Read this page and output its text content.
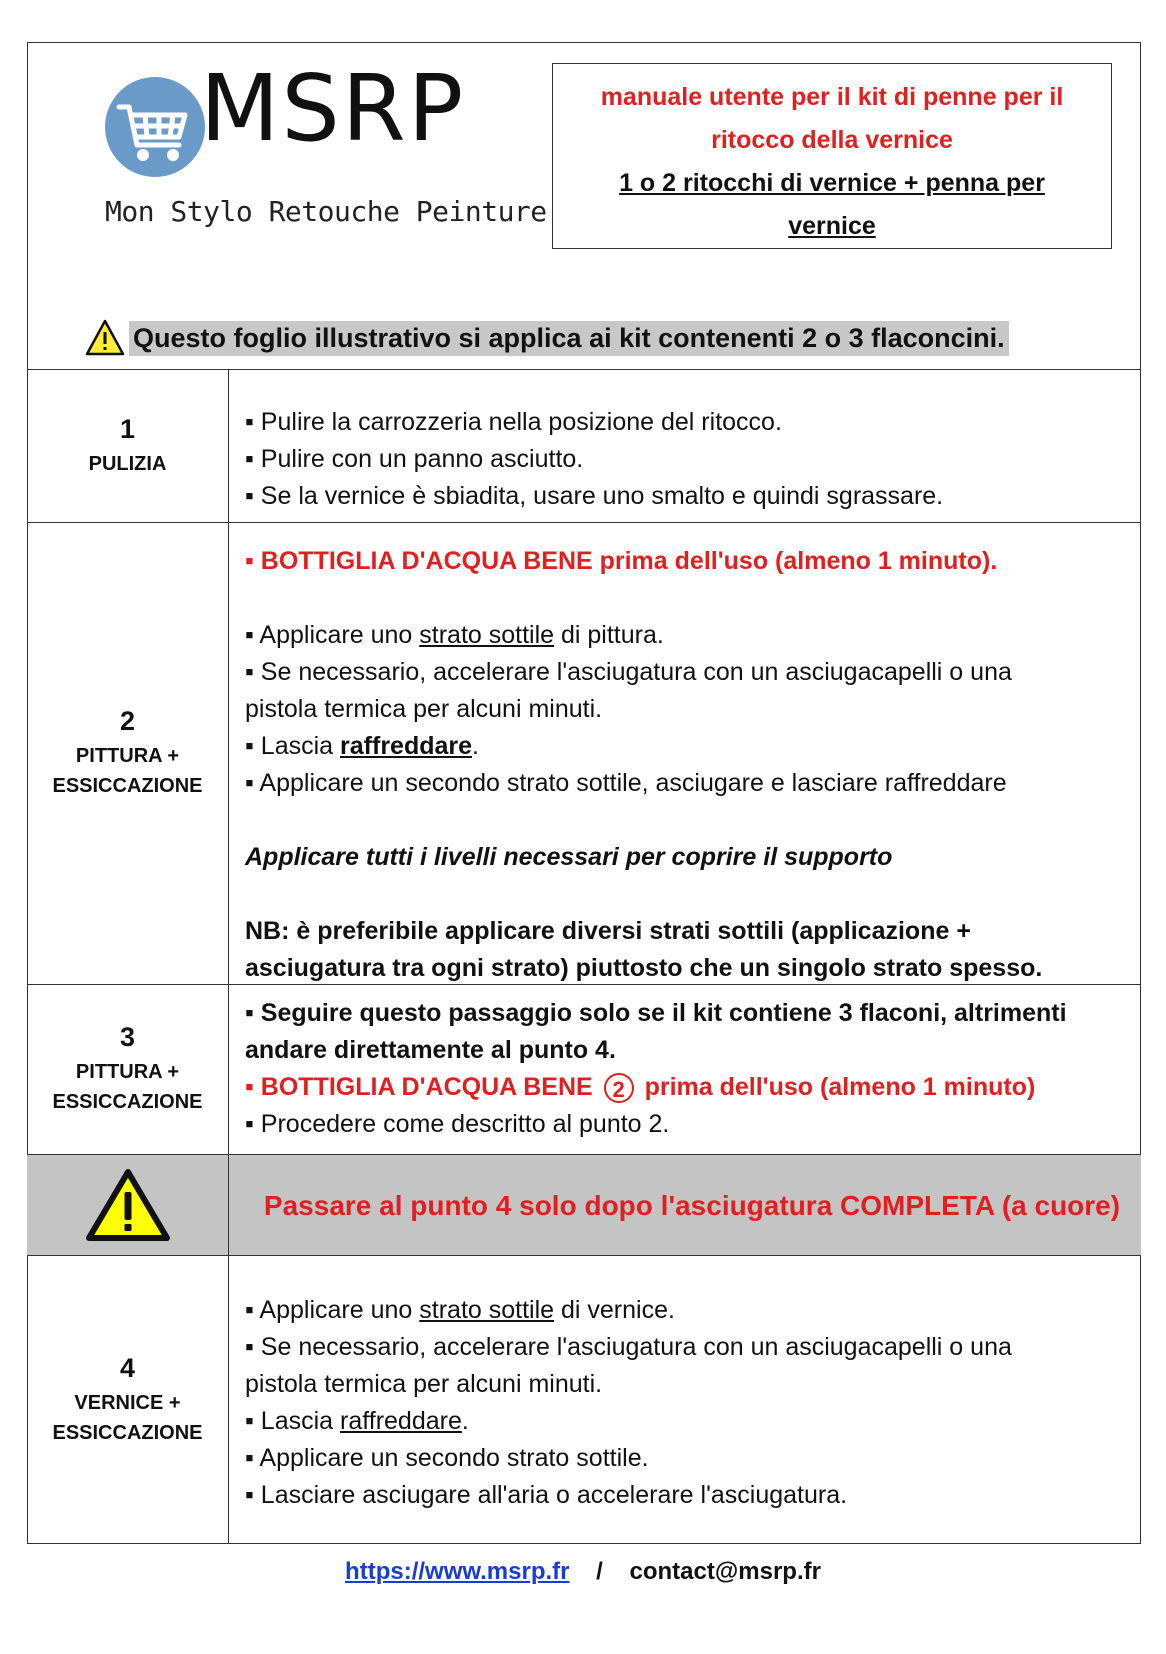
MSRP
Mon Stylo Retouche Peinture
manuale utente per il kit di penne per il
ritocco della vernice
1 o 2 ritocchi di vernice + penna per
vernice
Questo foglio illustrativo si applica ai kit contenenti 2 o 3 flaconcini.
1
PULIZIA

▪ Pulire la carrozzeria nella posizione del ritocco.

▪ Pulire con un panno asciutto.

▪ Se la vernice è sbiadita, usare uno smalto e quindi sgrassare.

2
PITTURA +
ESSICCAZIONE

▪ BOTTIGLIA D'ACQUA BENE prima dell'uso (almeno 1 minuto).

▪ Applicare uno strato sottile di pittura.

▪ Se necessario, accelerare l'asciugatura con un asciugacapelli o una

pistola termica per alcuni minuti.

▪ Lascia raffreddare.

▪ Applicare un secondo strato sottile, asciugare e lasciare raffreddare

Applicare tutti i livelli necessari per coprire il supporto

NB: è preferibile applicare diversi strati sottili (applicazione +

asciugatura tra ogni strato) piuttosto che un singolo strato spesso.

3
PITTURA +
ESSICCAZIONE

▪ Seguire questo passaggio solo se il kit contiene 3 flaconi, altrimenti

andare direttamente al punto 4.

▪ BOTTIGLIA D'ACQUA BENE 2 prima dell'uso (almeno 1 minuto)

▪ Procedere come descritto al punto 2.

Passare al punto 4 solo dopo l'asciugatura COMPLETA (a cuore)

4
VERNICE +
ESSICCAZIONE

▪ Applicare uno strato sottile di vernice.

▪ Se necessario, accelerare l'asciugatura con un asciugacapelli o una

pistola termica per alcuni minuti.

▪ Lascia raffreddare.

▪ Applicare un secondo strato sottile.

▪ Lasciare asciugare all'aria o accelerare l'asciugatura.

https://www.msrp.fr / contact@msrp.fr
